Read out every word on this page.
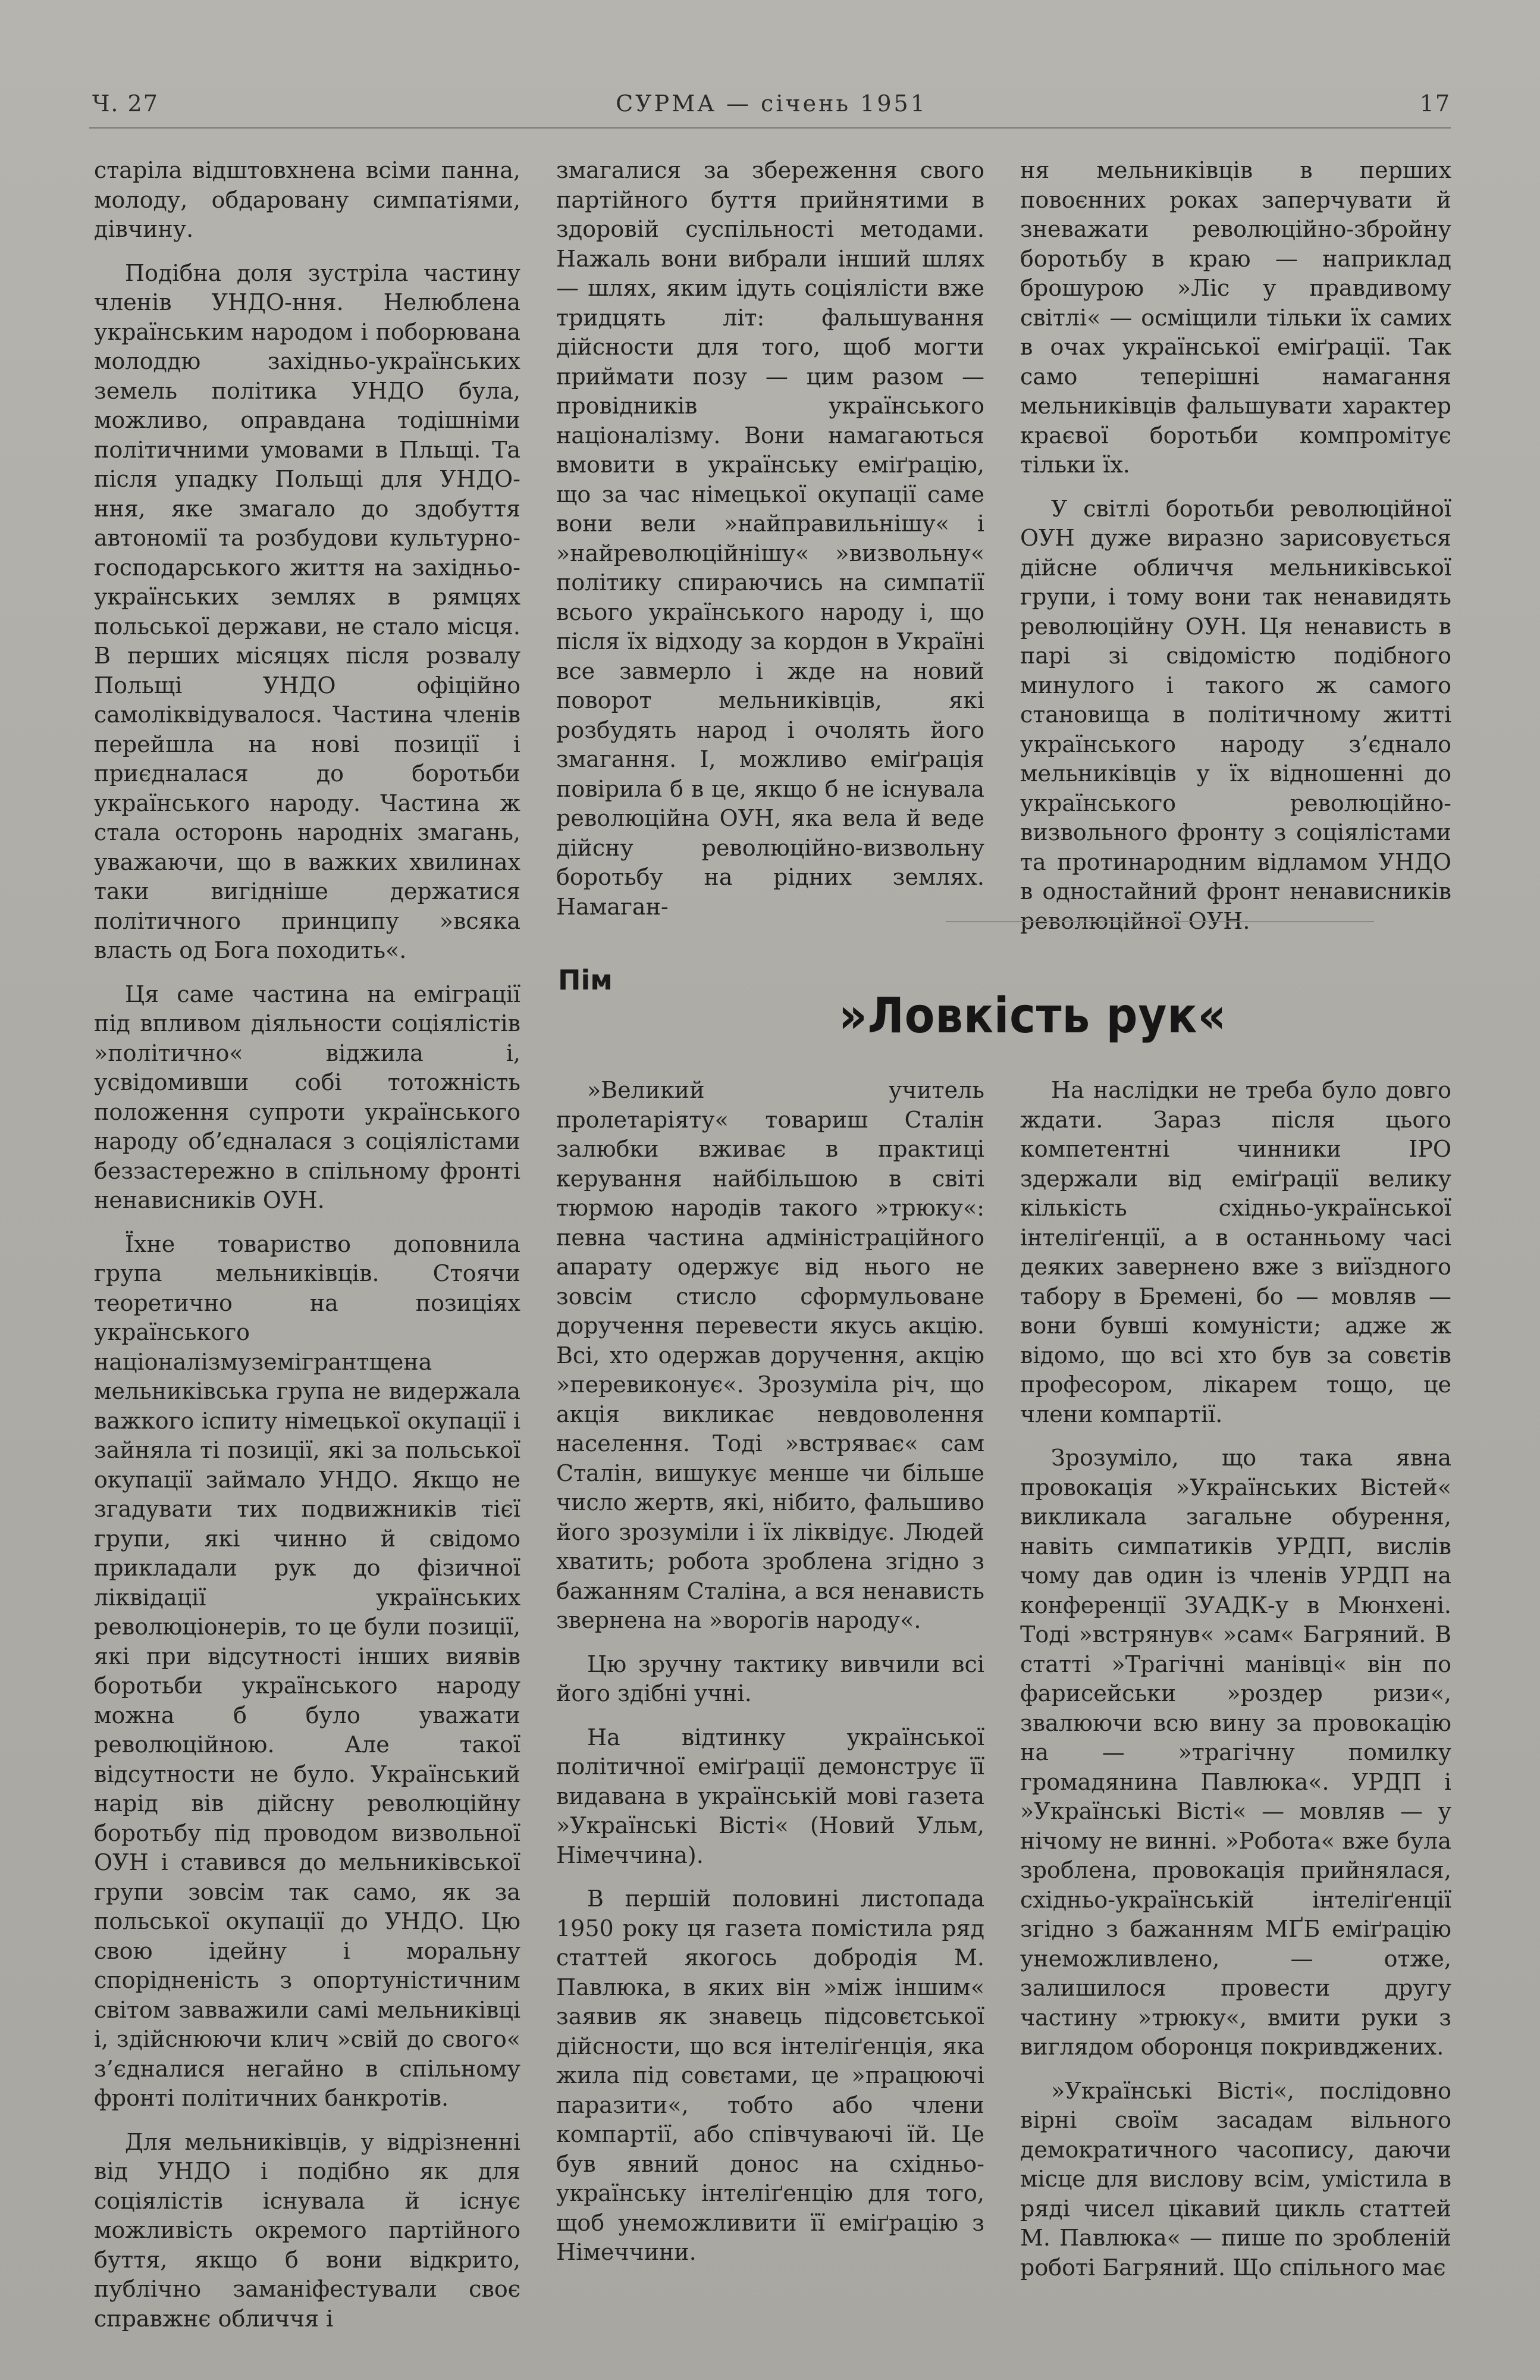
Ч. 27	СУРМА — січень 1951	17

старіла відштовхнена всіми панна, молоду, обдаровану симпатіями, дівчину.

Подібна доля зустріла частину членів УНДО-ння. Нелюблена українським народом і поборювана молоддю західньо-українських земель політика УНДО була, можливо, оправдана тодішніми політичними умовами в Пльщі. Та після упадку Польщі для УНДО-ння, яке змагало до здобуття автономії та розбудови культурно-господарського життя на західньо-українських землях в рямцях польської держави, не стало місця. В перших місяцях після розвалу Польщі УНДО офіційно самоліквідувалося. Частина членів перейшла на нові позиції і приєдналася до боротьби українського народу. Частина ж стала осторонь народніх змагань, уважаючи, що в важких хвилинах таки вигідніше держатися політичного принципу »всяка власть од Бога походить«.

Ця саме частина на еміграції під впливом діяльности соціялістів »політично« віджила і, усвідомивши собі тотожність положення супроти українського народу об’єдналася з соціялістами беззастережно в спільному фронті ненависників ОУН.

Їхне товариство доповнила група мельниківців. Стоячи теоретично на позиціях українського націоналізмуземігрантщена мельниківська група не видержала важкого іспиту німецької окупації і зайняла ті позиції, які за польської окупації займало УНДО. Якщо не згадувати тих подвижників тієї групи, які чинно й свідомо прикладали рук до фізичної ліквідації українських революціонерів, то це були позиції, які при відсутності інших виявів боротьби українського народу можна б було уважати революційною. Але такої відсутности не було. Український нарід вів дійсну революційну боротьбу під проводом визвольної ОУН і ставився до мельниківської групи зовсім так само, як за польської окупації до УНДО. Цю свою ідейну і моральну спорідненість з опортуністичним світом завважили самі мельниківці і, здійснюючи клич »свій до свого« з’єдналися негайно в спільному фронті політичних банкротів.

Для мельниківців, у відрізненні від УНДО і подібно як для соціялістів існувала й існує можливість окремого партійного буття, якщо б вони відкрито, публічно заманіфестували своє справжнє обличчя і

змагалися за збереження свого партійного буття прийнятими в здоровій суспільності методами. Нажаль вони вибрали інший шлях — шлях, яким ідуть соціялісти вже тридцять літ: фальшування дійсности для того, щоб могти приймати позу — цим разом — провідників українського націоналізму. Вони намагаються вмовити в українську еміґрацію, що за час німецької окупації саме вони вели »найправильнішу« і »найреволюційнішу« »визвольну« політику спираючись на симпатії всього українського народу і, що після їх відходу за кордон в Україні все завмерло і жде на новий поворот мельниківців, які розбудять народ і очолять його змагання. І, можливо еміґрація повірила б в це, якщо б не існувала революційна ОУН, яка вела й веде дійсну революційно-визвольну боротьбу на рідних землях. Намаган-

ня мельниківців в перших повоєнних роках заперчувати й зневажати революційно-збройну боротьбу в краю — наприклад брошурою »Ліс у правдивому світлі« — осміщили тільки їх самих в очах української еміґрації. Так само теперішні намагання мельниківців фальшувати характер краєвої боротьби компромітує тільки їх.

У світлі боротьби революційної ОУН дуже виразно зарисовується дійсне обличчя мельниківської групи, і тому вони так ненавидять революційну ОУН. Ця ненависть в парі зі свідомістю подібного минулого і такого ж самого становища в політичному житті українського народу з’єднало мельниківців у їх відношенні до українського революційно-визвольного фронту з соціялістами та протинародним відламом УНДО в одностайний фронт ненависників революційної ОУН.

Пім
»Ловкість рук«

»Великий учитель пролетаріяту« товариш Сталін залюбки вживає в практиці керування найбільшою в світі тюрмою народів такого »трюку«: певна частина адміністраційного апарату одержує від нього не зовсім стисло сформульоване доручення перевести якусь акцію. Всі, хто одержав доручення, акцію »перевиконує«. Зрозуміла річ, що акція викликає невдоволення населення. Тоді »встряває« сам Сталін, вишукує менше чи більше число жертв, які, нібито, фальшиво його зрозуміли і їх ліквідує. Людей хватить; робота зроблена згідно з бажанням Сталіна, а вся ненависть звернена на »ворогів народу«.

Цю зручну тактику вивчили всі його здібні учні.

На відтинку української політичної еміґрації демонструє її видавана в українській мові газета »Українські Вісті« (Новий Ульм, Німеччина).

В першій половині листопада 1950 року ця газета помістила ряд статтей якогось добродія М. Павлюка, в яких він »між іншим« заявив як знавець підсовєтської дійсности, що вся інтеліґенція, яка жила під совєтами, це »працюючі паразити«, тобто або члени компартії, або співчуваючі їй. Це був явний донос на східньо-українську інтеліґенцію для того, щоб унеможливити її еміґрацію з Німеччини.

На наслідки не треба було довго ждати. Зараз після цього компетентні чинники ІРО здержали від еміґрації велику кількість східньо-української інтеліґенції, а в останньому часі деяких завернено вже з виїздного табору в Бремені, бо — мовляв — вони бувші комуністи; адже ж відомо, що всі хто був за совєтів професором, лікарем тощо, це члени компартії.

Зрозуміло, що така явна провокація »Українських Вістей« викликала загальне обурення, навіть симпатиків УРДП, вислів чому дав один із членів УРДП на конференції ЗУАДК-у в Мюнхені. Тоді »встрянув« »сам« Багряний. В статті »Трагічні манівці« він по фарисейськи »роздер ризи«, звалюючи всю вину за провокацію на — »трагічну помилку громадянина Павлюка«. УРДП і »Українські Вісті« — мовляв — у нічому не винні. »Робота« вже була зроблена, провокація прийнялася, східньо-українській інтеліґенції згідно з бажанням МҐБ еміґрацію унеможливлено, — отже, залишилося провести другу частину »трюку«, вмити руки з виглядом оборонця покривджених.

»Українські Вісті«, послідовно вірні своїм засадам вільного демократичного часопису, даючи місце для вислову всім, умістила в ряді чисел цікавий цикль статтей М. Павлюка« — пише по зробленій роботі Багряний. Що спільного має
